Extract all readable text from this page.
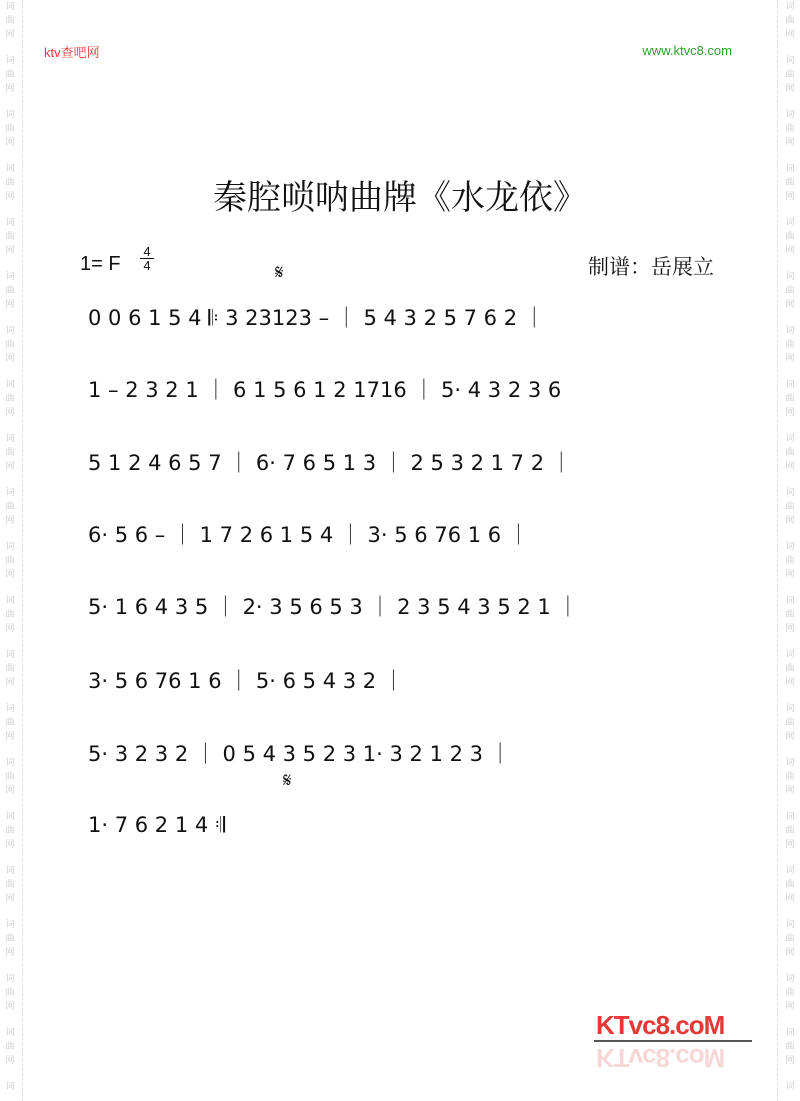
词
曲
网
词
曲
网
词
曲
网
词
曲
网
词
曲
网
词
曲
网
词
曲
网
词
曲
网
词
曲
网
词
曲
网
词
曲
网
词
曲
网
词
曲
网
词
曲
网
词
曲
网
词
曲
网
词
曲
网
词
曲
网
词
曲
网
词
曲
网
词
词
曲
网
词
曲
网
词
曲
网
词
曲
网
词
曲
网
词
曲
网
词
曲
网
词
曲
网
词
曲
网
词
曲
网
词
曲
网
词
曲
网
词
曲
网
词
曲
网
词
曲
网
词
曲
网
词
曲
网
词
曲
网
词
曲
网
词
曲
网
词
ktv查吧网	www.ktvc8.com
秦腔唢呐曲牌《水龙依》
1= F $\frac{4}{4}$	制谱：岳展立
𝄋
𝄋
0 0 6 1 5 4 𝄆 3 23123 – ｜ 5 4 3 2 5 7 6 2 ｜
1 – 2 3 2 1 ｜ 6 1 5 6 1 2 1716 ｜ 5· 4 3 2 3 6
5 1 2 4 6 5 7 ｜ 6· 7 6 5 1 3 ｜ 2 5 3 2 1 7 2 ｜
6· 5 6 – ｜ 1 7 2 6 1 5 4 ｜ 3· 5 6 76 1 6 ｜
5· 1 6 4 3 5 ｜ 2· 3 5 6 5 3 ｜ 2 3 5 4 3 5 2 1 ｜
3· 5 6 76 1 6 ｜ 5· 6 5 4 3 2 ｜
5· 3 2 3 2 ｜ 0 5 4 3 5 2 3 1· 3 2 1 2 3 ｜
1· 7 6 2 1 4 𝄇
KTvc8.coM
KTvc8.coM
